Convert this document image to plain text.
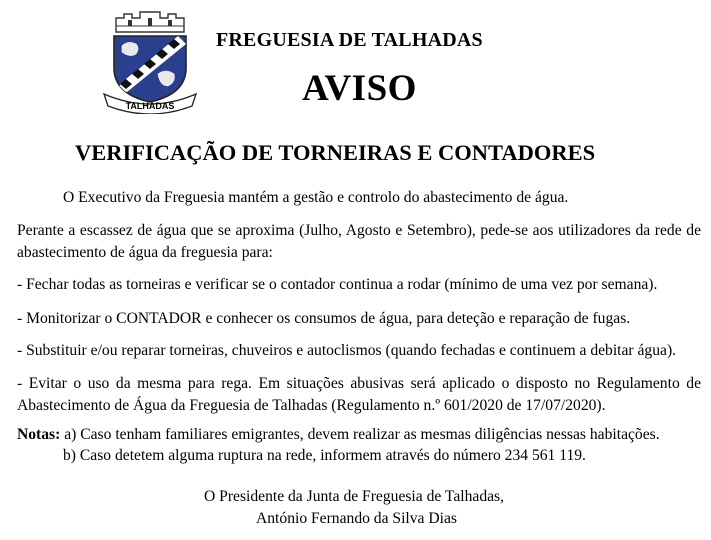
TALHADAS
FREGUESIA DE TALHADAS
AVISO
VERIFICAÇÃO DE TORNEIRAS E CONTADORES
O Executivo da Freguesia mantém a gestão e controlo do abastecimento de água.
Perante a escassez de água que se aproxima (Julho, Agosto e Setembro), pede-se aos utilizadores da rede de abastecimento de água da freguesia para:
- Fechar todas as torneiras e verificar se o contador continua a rodar (mínimo de uma vez por semana).
- Monitorizar o CONTADOR e conhecer os consumos de água, para deteção e reparação de fugas.
- Substituir e/ou reparar torneiras, chuveiros e autoclismos (quando fechadas e continuem a debitar água).
- Evitar o uso da mesma para rega. Em situações abusivas será aplicado o disposto no Regulamento de Abastecimento de Água da Freguesia de Talhadas (Regulamento n.º 601/2020 de 17/07/2020).
Notas: a) Caso tenham familiares emigrantes, devem realizar as mesmas diligências nessas habitações.
b) Caso detetem alguma ruptura na rede, informem através do número 234 561 119.
O Presidente da Junta de Freguesia de Talhadas,
António Fernando da Silva Dias
